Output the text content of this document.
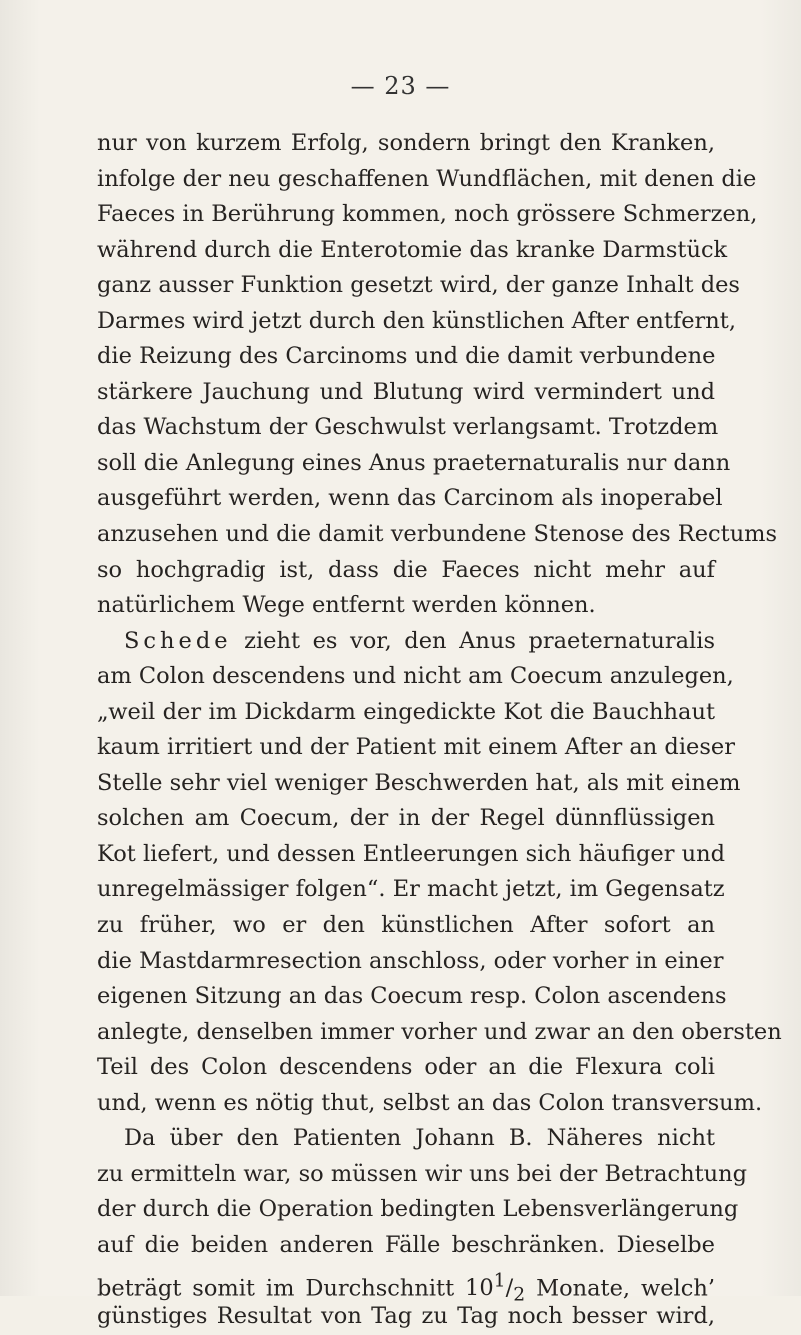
— 23 —
nur von kurzem Erfolg, sondern bringt den Kranken,
infolge der neu geschaffenen Wundflächen, mit denen die
Faeces in Berührung kommen, noch grössere Schmerzen,
während durch die Enterotomie das kranke Darmstück
ganz ausser Funktion gesetzt wird, der ganze Inhalt des
Darmes wird jetzt durch den künstlichen After entfernt,
die Reizung des Carcinoms und die damit verbundene
stärkere Jauchung und Blutung wird vermindert und
das Wachstum der Geschwulst verlangsamt. Trotzdem
soll die Anlegung eines Anus praeternaturalis nur dann
ausgeführt werden, wenn das Carcinom als inoperabel
anzusehen und die damit verbundene Stenose des Rectums
so hochgradig ist, dass die Faeces nicht mehr auf
natürlichem Wege entfernt werden können.
Schede zieht es vor, den Anus praeternaturalis
am Colon descendens und nicht am Coecum anzulegen,
„weil der im Dickdarm eingedickte Kot die Bauchhaut
kaum irritiert und der Patient mit einem After an dieser
Stelle sehr viel weniger Beschwerden hat, als mit einem
solchen am Coecum, der in der Regel dünnflüssigen
Kot liefert, und dessen Entleerungen sich häufiger und
unregelmässiger folgen“. Er macht jetzt, im Gegensatz
zu früher, wo er den künstlichen After sofort an
die Mastdarmresection anschloss, oder vorher in einer
eigenen Sitzung an das Coecum resp. Colon ascendens
anlegte, denselben immer vorher und zwar an den obersten
Teil des Colon descendens oder an die Flexura coli
und, wenn es nötig thut, selbst an das Colon transversum.
Da über den Patienten Johann B. Näheres nicht
zu ermitteln war, so müssen wir uns bei der Betrachtung
der durch die Operation bedingten Lebensverlängerung
auf die beiden anderen Fälle beschränken. Dieselbe
beträgt somit im Durchschnitt $10^1/_2$ Monate, welch’
günstiges Resultat von Tag zu Tag noch besser wird,
